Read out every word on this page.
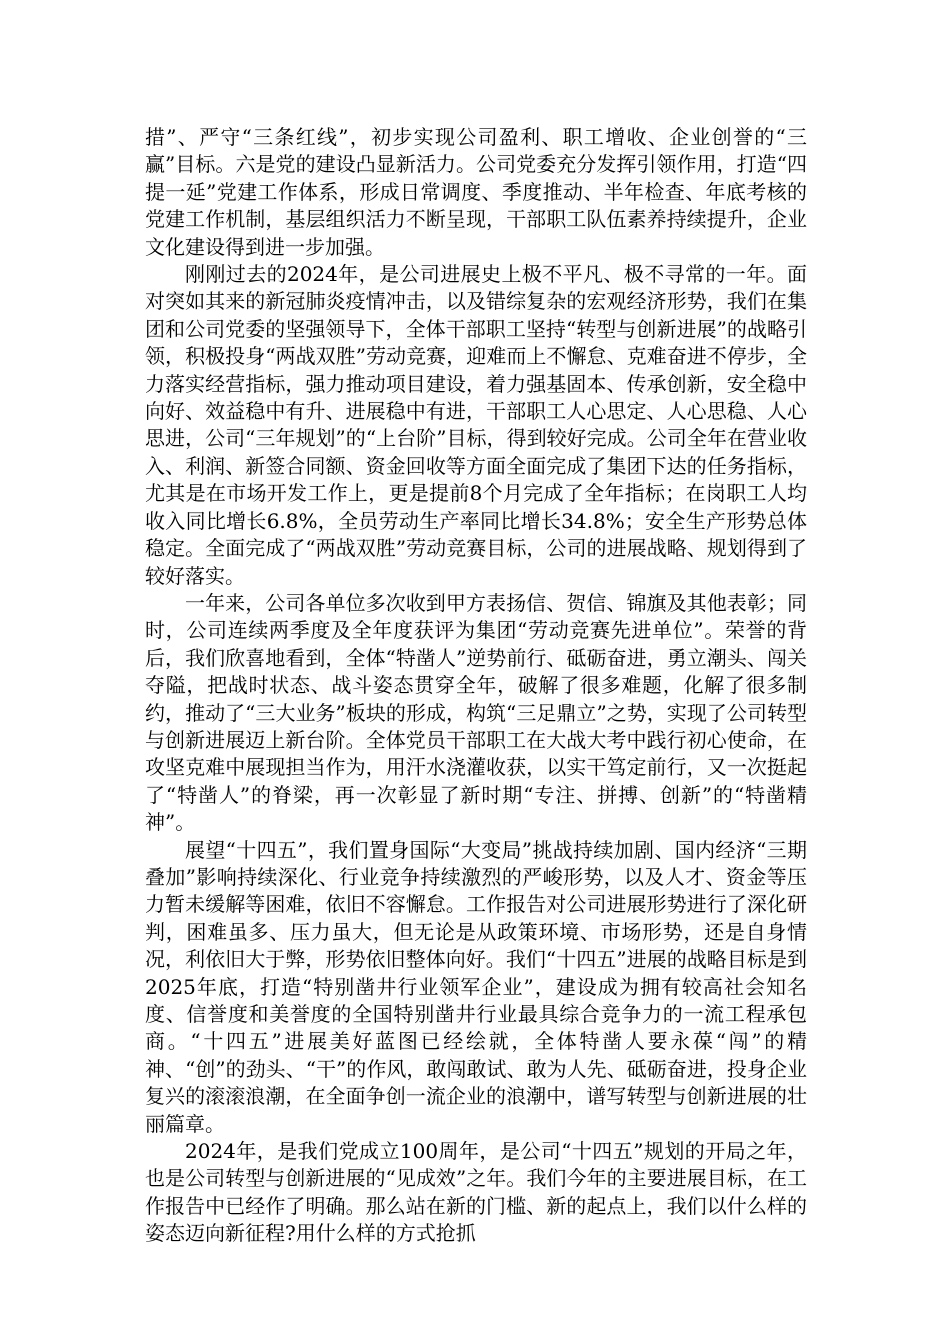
措”、严守“三条红线”，初步实现公司盈利、职工增收、企业创誉的“三赢”目标。六是党的建设凸显新活力。公司党委充分发挥引领作用，打造“四提一延”党建工作体系，形成日常调度、季度推动、半年检查、年底考核的党建工作机制，基层组织活力不断呈现，干部职工队伍素养持续提升，企业文化建设得到进一步加强。

刚刚过去的2024年，是公司进展史上极不平凡、极不寻常的一年。面对突如其来的新冠肺炎疫情冲击，以及错综复杂的宏观经济形势，我们在集团和公司党委的坚强领导下，全体干部职工坚持“转型与创新进展”的战略引领，积极投身“两战双胜”劳动竞赛，迎难而上不懈怠、克难奋进不停步，全力落实经营指标，强力推动项目建设，着力强基固本、传承创新，安全稳中向好、效益稳中有升、进展稳中有进，干部职工人心思定、人心思稳、人心思进，公司“三年规划”的“上台阶”目标，得到较好完成。公司全年在营业收入、利润、新签合同额、资金回收等方面全面完成了集团下达的任务指标，尤其是在市场开发工作上，更是提前8个月完成了全年指标；在岗职工人均收入同比增长6.8%，全员劳动生产率同比增长34.8%；安全生产形势总体稳定。全面完成了“两战双胜”劳动竞赛目标，公司的进展战略、规划得到了较好落实。

一年来，公司各单位多次收到甲方表扬信、贺信、锦旗及其他表彰；同时，公司连续两季度及全年度获评为集团“劳动竞赛先进单位”。荣誉的背后，我们欣喜地看到，全体“特凿人”逆势前行、砥砺奋进，勇立潮头、闯关夺隘，把战时状态、战斗姿态贯穿全年，破解了很多难题，化解了很多制约，推动了“三大业务”板块的形成，构筑“三足鼎立”之势，实现了公司转型与创新进展迈上新台阶。全体党员干部职工在大战大考中践行初心使命，在攻坚克难中展现担当作为，用汗水浇灌收获，以实干笃定前行，又一次挺起了“特凿人”的脊梁，再一次彰显了新时期“专注、拼搏、创新”的“特凿精神”。

展望“十四五”，我们置身国际“大变局”挑战持续加剧、国内经济“三期叠加”影响持续深化、行业竞争持续激烈的严峻形势，以及人才、资金等压力暂未缓解等困难，依旧不容懈怠。工作报告对公司进展形势进行了深化研判，困难虽多、压力虽大，但无论是从政策环境、市场形势，还是自身情况，利依旧大于弊，形势依旧整体向好。我们“十四五”进展的战略目标是到2025年底，打造“特别凿井行业领军企业”，建设成为拥有较高社会知名度、信誉度和美誉度的全国特别凿井行业最具综合竞争力的一流工程承包商。“十四五”进展美好蓝图已经绘就，全体特凿人要永葆“闯”的精神、“创”的劲头、“干”的作风，敢闯敢试、敢为人先、砥砺奋进，投身企业复兴的滚滚浪潮，在全面争创一流企业的浪潮中，谱写转型与创新进展的壮丽篇章。

2024年，是我们党成立100周年，是公司“十四五”规划的开局之年，也是公司转型与创新进展的“见成效”之年。我们今年的主要进展目标，在工作报告中已经作了明确。那么站在新的门槛、新的起点上，我们以什么样的姿态迈向新征程?用什么样的方式抢抓
